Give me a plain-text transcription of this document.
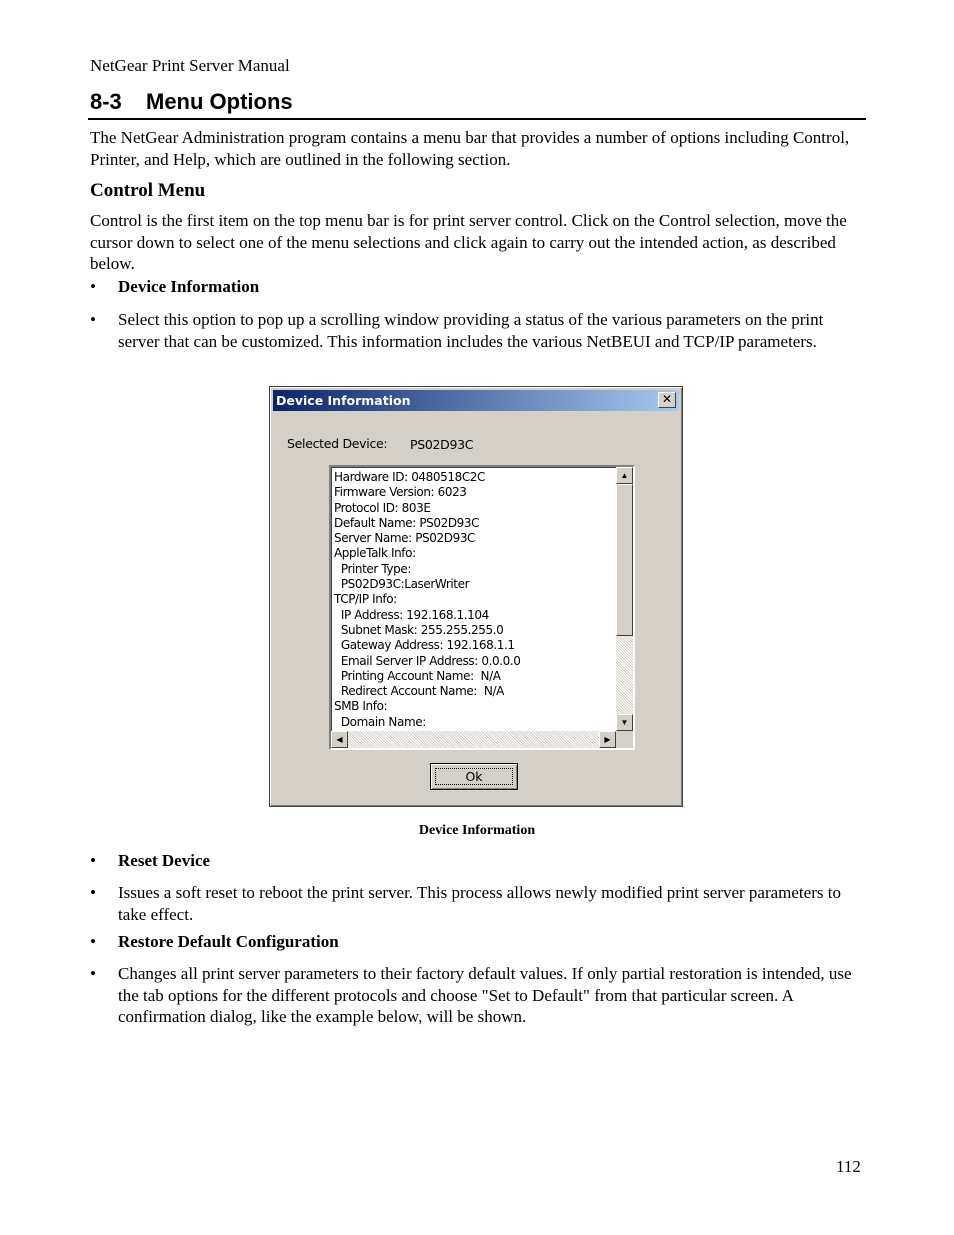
NetGear Print Server Manual
8-3 Menu Options
The NetGear Administration program contains a menu bar that provides a number of options including Control, Printer, and Help, which are outlined in the following section.
Control Menu
Control is the first item on the top menu bar is for print server control. Click on the Control selection, move the cursor down to select one of the menu selections and click again to carry out the intended action, as described below.
• Device Information
• Select this option to pop up a scrolling window providing a status of the various parameters on the print server that can be customized. This information includes the various NetBEUI and TCP/IP parameters.
Device Information	✕
Selected Device: PS02D93C
Hardware ID: 0480518C2C
Firmware Version: 6023
Protocol ID: 803E
Default Name: PS02D93C
Server Name: PS02D93C
AppleTalk Info:
Printer Type:
PS02D93C:LaserWriter
TCP/IP Info:
IP Address: 192.168.1.104
Subnet Mask: 255.255.255.0
Gateway Address: 192.168.1.1
Email Server IP Address: 0.0.0.0
Printing Account Name:  N/A
Redirect Account Name:  N/A
SMB Info:
Domain Name:
▲
▼
◀	▶
Ok
Device Information
• Reset Device
• Issues a soft reset to reboot the print server. This process allows newly modified print server parameters to take effect.
• Restore Default Configuration
• Changes all print server parameters to their factory default values. If only partial restoration is intended, use the tab options for the different protocols and choose "Set to Default" from that particular screen. A confirmation dialog, like the example below, will be shown.
112
